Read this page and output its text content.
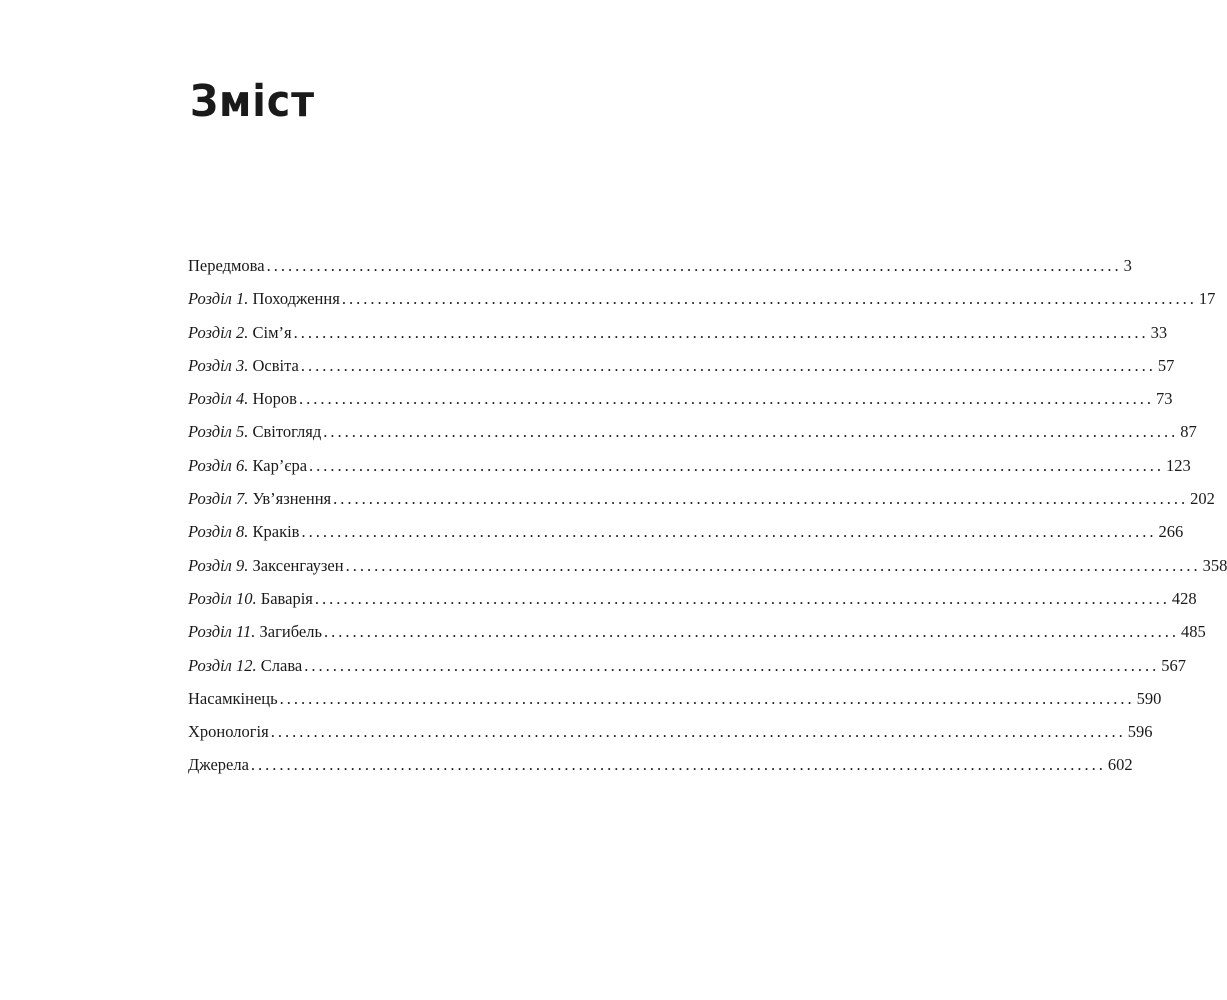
Зміст
Передмова ........................................................................................................................ 3
Розділ 1. Походження ........................................................................................................................ 17
Розділ 2. Сім’я ........................................................................................................................ 33
Розділ 3. Освіта ........................................................................................................................ 57
Розділ 4. Норов ........................................................................................................................ 73
Розділ 5. Світогляд ........................................................................................................................ 87
Розділ 6. Кар’єра ........................................................................................................................ 123
Розділ 7. Ув’язнення ........................................................................................................................ 202
Розділ 8. Краків ........................................................................................................................ 266
Розділ 9. Заксенгаузен ........................................................................................................................ 358
Розділ 10. Баварія ........................................................................................................................ 428
Розділ 11. Загибель ........................................................................................................................ 485
Розділ 12. Слава ........................................................................................................................ 567
Насамкінець ........................................................................................................................ 590
Хронологія ........................................................................................................................ 596
Джерела ........................................................................................................................ 602
